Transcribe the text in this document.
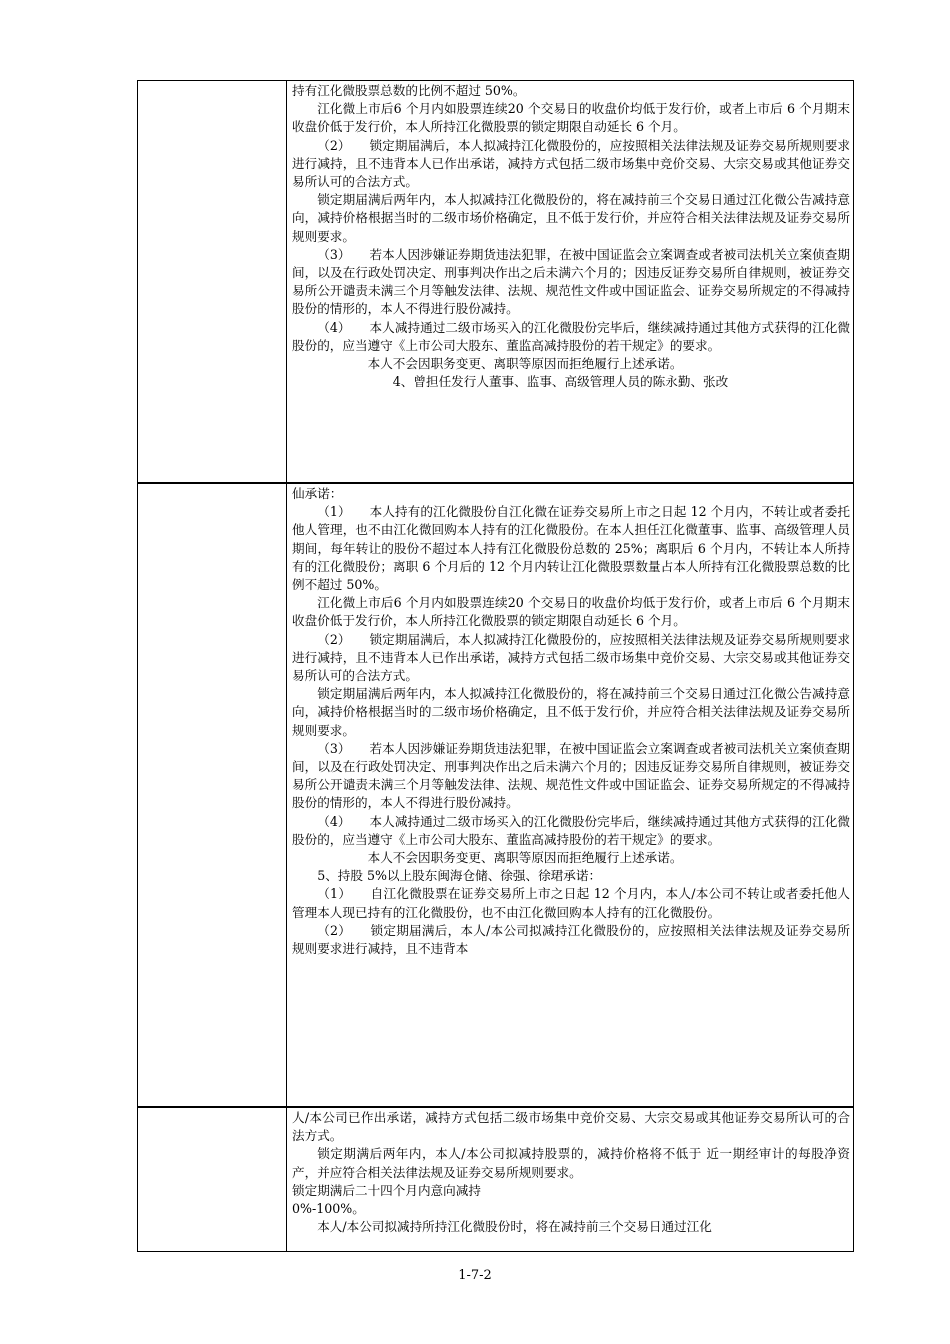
持有江化微股票总数的比例不超过 50%。

江化微上市后6 个月内如股票连续20 个交易日的收盘价均低于发行价，或者上市后 6 个月期末收盘价低于发行价，本人所持江化微股票的锁定期限自动延长 6 个月。

（2）　　锁定期届满后，本人拟减持江化微股份的，应按照相关法律法规及证券交易所规则要求进行减持，且不违背本人已作出承诺，减持方式包括二级市场集中竞价交易、大宗交易或其他证券交易所认可的合法方式。

锁定期届满后两年内，本人拟减持江化微股份的，将在减持前三个交易日通过江化微公告减持意向，减持价格根据当时的二级市场价格确定，且不低于发行价，并应符合相关法律法规及证券交易所规则要求。

（3）　　若本人因涉嫌证券期货违法犯罪，在被中国证监会立案调查或者被司法机关立案侦查期间，以及在行政处罚决定、刑事判决作出之后未满六个月的；因违反证券交易所自律规则，被证券交易所公开谴责未满三个月等触发法律、法规、规范性文件或中国证监会、证券交易所规定的不得减持股份的情形的，本人不得进行股份减持。

（4）　　本人减持通过二级市场买入的江化微股份完毕后，继续减持通过其他方式获得的江化微股份的，应当遵守《上市公司大股东、董监高减持股份的若干规定》的要求。

本人不会因职务变更、离职等原因而拒绝履行上述承诺。

4、曾担任发行人董事、监事、高级管理人员的陈永勤、张改

仙承诺：

（1）　　本人持有的江化微股份自江化微在证券交易所上市之日起 12 个月内，不转让或者委托他人管理，也不由江化微回购本人持有的江化微股份。在本人担任江化微董事、监事、高级管理人员期间，每年转让的股份不超过本人持有江化微股份总数的 25%；离职后 6 个月内，不转让本人所持有的江化微股份；离职 6 个月后的 12 个月内转让江化微股票数量占本人所持有江化微股票总数的比例不超过 50%。

江化微上市后6 个月内如股票连续20 个交易日的收盘价均低于发行价，或者上市后 6 个月期末收盘价低于发行价，本人所持江化微股票的锁定期限自动延长 6 个月。

（2）　　锁定期届满后，本人拟减持江化微股份的，应按照相关法律法规及证券交易所规则要求进行减持，且不违背本人已作出承诺，减持方式包括二级市场集中竞价交易、大宗交易或其他证券交易所认可的合法方式。

锁定期届满后两年内，本人拟减持江化微股份的，将在减持前三个交易日通过江化微公告减持意向，减持价格根据当时的二级市场价格确定，且不低于发行价，并应符合相关法律法规及证券交易所规则要求。

（3）　　若本人因涉嫌证券期货违法犯罪，在被中国证监会立案调查或者被司法机关立案侦查期间，以及在行政处罚决定、刑事判决作出之后未满六个月的；因违反证券交易所自律规则，被证券交易所公开谴责未满三个月等触发法律、法规、规范性文件或中国证监会、证券交易所规定的不得减持股份的情形的，本人不得进行股份减持。

（4）　　本人减持通过二级市场买入的江化微股份完毕后，继续减持通过其他方式获得的江化微股份的，应当遵守《上市公司大股东、董监高减持股份的若干规定》的要求。

本人不会因职务变更、离职等原因而拒绝履行上述承诺。

5、持股 5%以上股东闽海仓储、徐强、徐珺承诺：

（1）　　自江化微股票在证券交易所上市之日起 12 个月内，本人/本公司不转让或者委托他人管理本人现已持有的江化微股份，也不由江化微回购本人持有的江化微股份。

（2）　　锁定期届满后，本人/本公司拟减持江化微股份的，应按照相关法律法规及证券交易所规则要求进行减持，且不违背本

人/本公司已作出承诺，减持方式包括二级市场集中竞价交易、大宗交易或其他证券交易所认可的合法方式。

锁定期满后两年内，本人/本公司拟减持股票的，减持价格将不低于 近一期经审计的每股净资产，并应符合相关法律法规及证券交易所规则要求。

锁定期满后二十四个月内意向减持

0%-100%。

本人/本公司拟减持所持江化微股份时，将在减持前三个交易日通过江化

1-7-2
